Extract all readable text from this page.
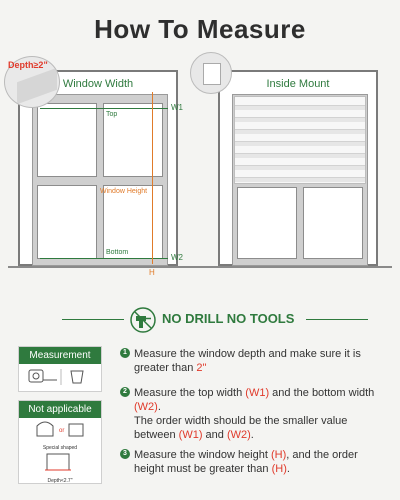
How To Measure
Window Width
Depth≥2"
Top
W1
Bottom
W2
Window Height
H
Inside Mount
NO DRILL NO TOOLS
Measurement
Not applicable
or
Special shaped
Depth<2.7"
1 Measure the window depth and make sure it is greater than 2"
2 Measure the top width (W1) and the bottom width (W2).
The order width should be the smaller value between (W1) and (W2).
3 Measure the window height (H), and the order height must be greater than (H).
